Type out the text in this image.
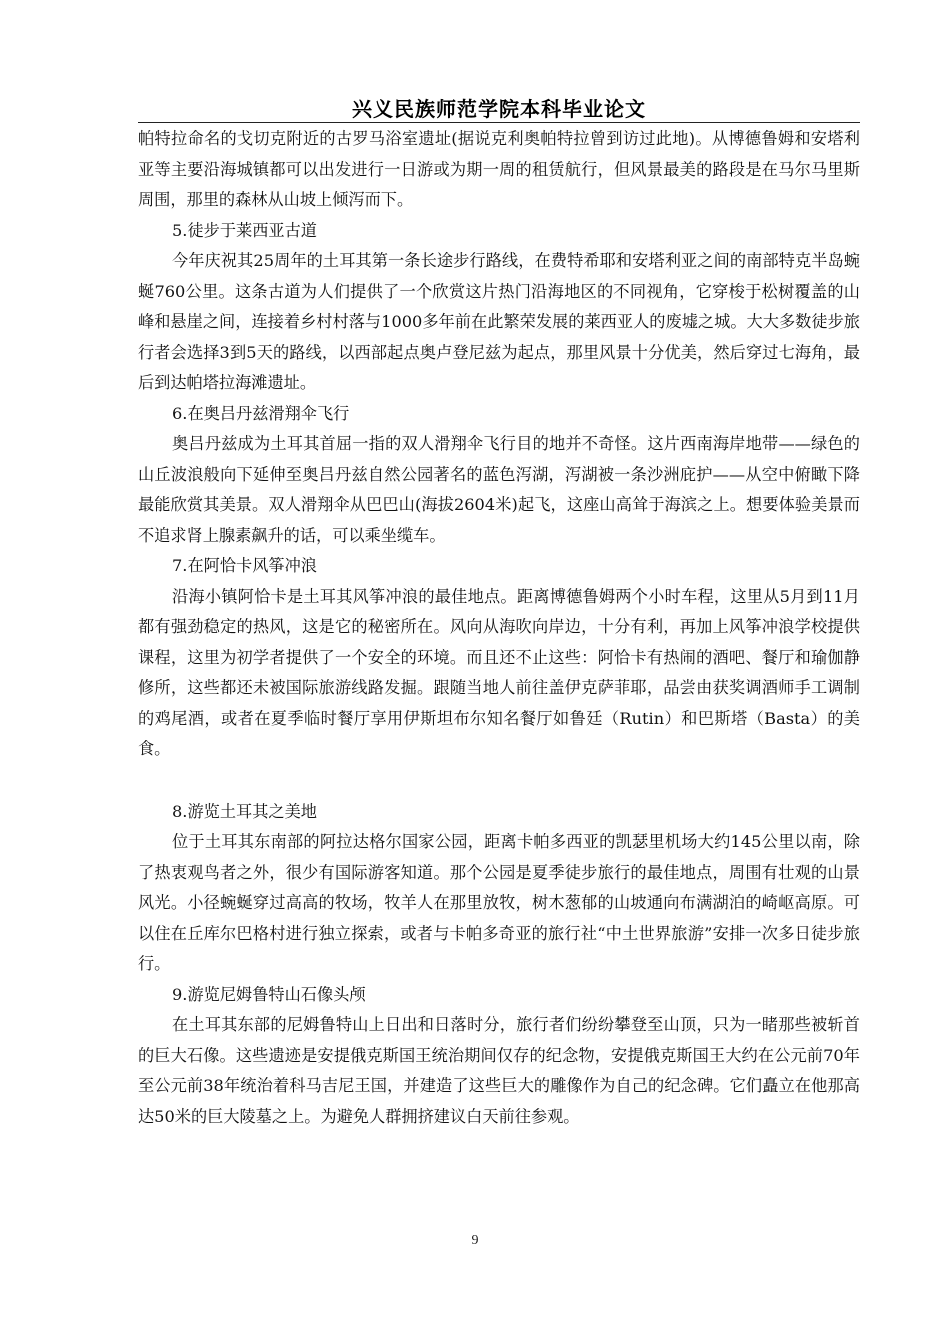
兴义民族师范学院本科毕业论文

帕特拉命名的戈切克附近的古罗马浴室遗址(据说克利奥帕特拉曾到访过此地)。从博德鲁姆和安塔利亚等主要沿海城镇都可以出发进行一日游或为期一周的租赁航行，但风景最美的路段是在马尔马里斯周围，那里的森林从山坡上倾泻而下。

5.徒步于莱西亚古道

今年庆祝其25周年的土耳其第一条长途步行路线，在费特希耶和安塔利亚之间的南部特克半岛蜿蜒760公里。这条古道为人们提供了一个欣赏这片热门沿海地区的不同视角，它穿梭于松树覆盖的山峰和悬崖之间，连接着乡村村落与1000多年前在此繁荣发展的莱西亚人的废墟之城。大大多数徒步旅行者会选择3到5天的路线，以西部起点奥卢登尼兹为起点，那里风景十分优美，然后穿过七海角，最后到达帕塔拉海滩遗址。

6.在奥吕丹兹滑翔伞飞行

奥吕丹兹成为土耳其首屈一指的双人滑翔伞飞行目的地并不奇怪。这片西南海岸地带——绿色的山丘波浪般向下延伸至奥吕丹兹自然公园著名的蓝色泻湖，泻湖被一条沙洲庇护——从空中俯瞰下降最能欣赏其美景。双人滑翔伞从巴巴山(海拔2604米)起飞，这座山高耸于海滨之上。想要体验美景而不追求肾上腺素飙升的话，可以乘坐缆车。

7.在阿恰卡风筝冲浪

沿海小镇阿恰卡是土耳其风筝冲浪的最佳地点。距离博德鲁姆两个小时车程，这里从5月到11月都有强劲稳定的热风，这是它的秘密所在。风向从海吹向岸边，十分有利，再加上风筝冲浪学校提供课程，这里为初学者提供了一个安全的环境。而且还不止这些：阿恰卡有热闹的酒吧、餐厅和瑜伽静修所，这些都还未被国际旅游线路发掘。跟随当地人前往盖伊克萨菲耶，品尝由获奖调酒师手工调制的鸡尾酒，或者在夏季临时餐厅享用伊斯坦布尔知名餐厅如鲁廷（Rutin）和巴斯塔（Basta）的美食。

8.游览土耳其之美地

位于土耳其东南部的阿拉达格尔国家公园，距离卡帕多西亚的凯瑟里机场大约145公里以南，除了热衷观鸟者之外，很少有国际游客知道。那个公园是夏季徒步旅行的最佳地点，周围有壮观的山景风光。小径蜿蜒穿过高高的牧场，牧羊人在那里放牧，树木葱郁的山坡通向布满湖泊的崎岖高原。可以住在丘库尔巴格村进行独立探索，或者与卡帕多奇亚的旅行社“中土世界旅游”安排一次多日徒步旅行。

9.游览尼姆鲁特山石像头颅

在土耳其东部的尼姆鲁特山上日出和日落时分，旅行者们纷纷攀登至山顶，只为一睹那些被斩首的巨大石像。这些遗迹是安提俄克斯国王统治期间仅存的纪念物，安提俄克斯国王大约在公元前70年至公元前38年统治着科马吉尼王国，并建造了这些巨大的雕像作为自己的纪念碑。它们矗立在他那高达50米的巨大陵墓之上。为避免人群拥挤建议白天前往参观。

9
